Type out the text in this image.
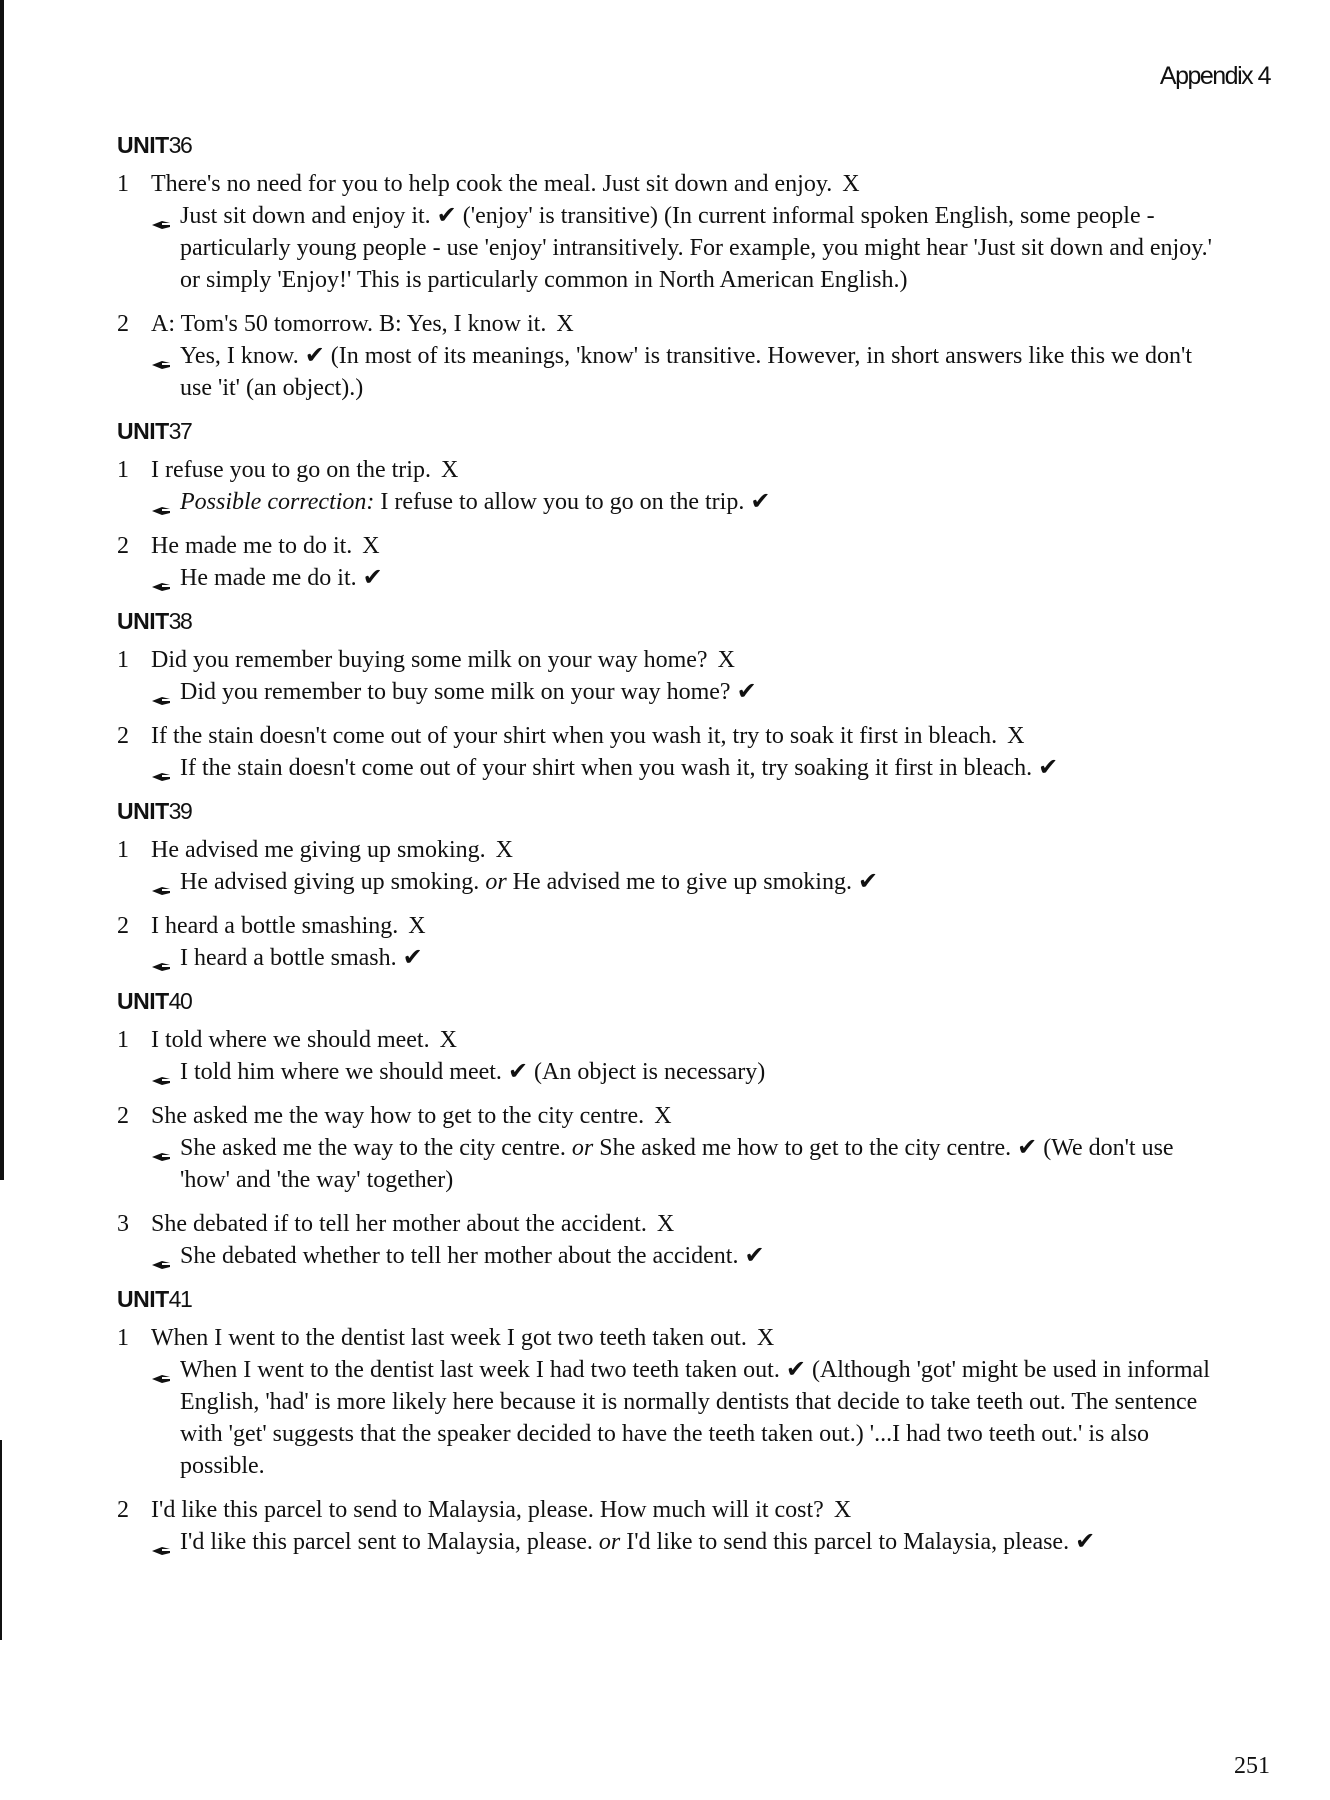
Appendix 4
UNIT36
1 There's no need for you to help cook the meal. Just sit down and enjoy. X
Just sit down and enjoy it. ✔ ('enjoy' is transitive) (In current informal spoken English, some people - particularly young people - use 'enjoy' intransitively. For example, you might hear 'Just sit down and enjoy.' or simply 'Enjoy!' This is particularly common in North American English.)
2 A: Tom's 50 tomorrow. B: Yes, I know it. X
Yes, I know. ✔ (In most of its meanings, 'know' is transitive. However, in short answers like this we don't use 'it' (an object).)
UNIT37
1 I refuse you to go on the trip. X
Possible correction: I refuse to allow you to go on the trip. ✔
2 He made me to do it. X
He made me do it. ✔
UNIT38
1 Did you remember buying some milk on your way home? X
Did you remember to buy some milk on your way home? ✔
2 If the stain doesn't come out of your shirt when you wash it, try to soak it first in bleach. X
If the stain doesn't come out of your shirt when you wash it, try soaking it first in bleach. ✔
UNIT39
1 He advised me giving up smoking. X
He advised giving up smoking. or He advised me to give up smoking. ✔
2 I heard a bottle smashing. X
I heard a bottle smash. ✔
UNIT40
1 I told where we should meet. X
I told him where we should meet. ✔ (An object is necessary)
2 She asked me the way how to get to the city centre. X
She asked me the way to the city centre. or She asked me how to get to the city centre. ✔ (We don't use 'how' and 'the way' together)
3 She debated if to tell her mother about the accident. X
She debated whether to tell her mother about the accident. ✔
UNIT41
1 When I went to the dentist last week I got two teeth taken out. X
When I went to the dentist last week I had two teeth taken out. ✔ (Although 'got' might be used in informal English, 'had' is more likely here because it is normally dentists that decide to take teeth out. The sentence with 'get' suggests that the speaker decided to have the teeth taken out.) '...I had two teeth out.' is also possible.
2 I'd like this parcel to send to Malaysia, please. How much will it cost? X
I'd like this parcel sent to Malaysia, please. or I'd like to send this parcel to Malaysia, please. ✔
251
